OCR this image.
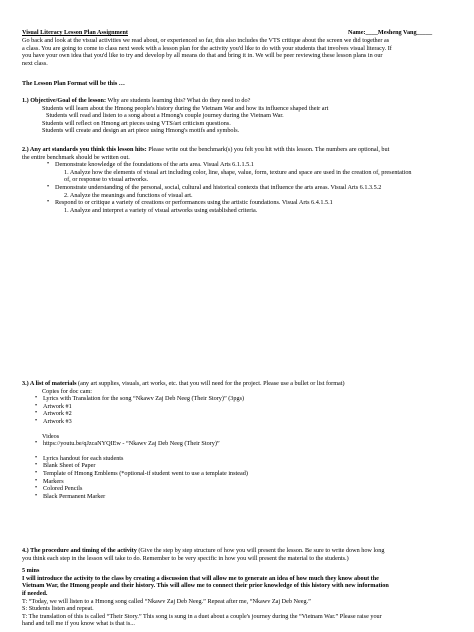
Visual Literacy Lesson Plan Assignment	Name:____Mesheng Vang_____
Go back and look at the visual activities we read about, or experienced so far, this also includes the VTS critique about the screen we did together as
a class. You are going to come to class next week with a lesson plan for the activity you'd like to do with your students that involves visual literacy. If
you have your own idea that you'd like to try and develop by all means do that and bring it in. We will be peer reviewing these lesson plans in our
next class.
The Lesson Plan Format will be this …
1.) Objective/Goal of the lesson: Why are students learning this? What do they need to do?
Students will learn about the Hmong people's history during the Vietnam War and how its influence shaped their art
Students will read and listen to a song about a Hmong's couple journey during the Vietnam War.
Students will reflect on Hmong art pieces using VTS/art criticism questions.
Students will create and design an art piece using Hmong's motifs and symbols.
2.) Any art standards you think this lesson hits: Please write out the benchmark(s) you felt you hit with this lesson. The numbers are optional, but
the entire benchmark should be written out.
• Demonstrate knowledge of the foundations of the arts area. Visual Arts 6.1.1.5.1
1. Analyze how the elements of visual art including color, line, shape, value, form, texture and space are used in the creation of, presentation
of, or response to visual artworks.
• Demonstrate understanding of the personal, social, cultural and historical contexts that influence the arts areas. Visual Arts 6.1.3.5.2
2. Analyze the meanings and functions of visual art.
• Respond to or critique a variety of creations or performances using the artistic foundations. Visual Arts 6.4.1.5.1
1. Analyze and interpret a variety of visual artworks using established criteria.
3.) A list of materials (any art supplies, visuals, art works, etc. that you will need for the project. Please use a bullet or list format)
Copies for doc cam:
• Lyrics with Translation for the song “Nkawv Zaj Deb Neeg (Their Story)” (3pgs)
• Artwork #1
• Artwork #2
• Artwork #3
Videos
• https://youtu.be/qJzcaNYQIEw - “Nkawv Zaj Deb Neeg (Their Story)”
• Lyrics handout for each students
• Blank Sheet of Paper
• Template of Hmong Emblems (*optional-if student went to use a template instead)
• Markers
• Colored Pencils
• Black Permanent Marker
4.) The procedure and timing of the activity (Give the step by step structure of how you will present the lesson. Be sure to write down how long
you think each step in the lesson will take to do. Remember to be very specific in how you will present the material to the students.)
5 mins
I will introduce the activity to the class by creating a discussion that will allow me to generate an idea of how much they know about the
Vietnam War, the Hmong people and their history. This will allow me to connect their prior knowledge of this history with new information
if needed.
T: “Today, we will listen to a Hmong song called “Nkawv Zaj Deb Neeg.” Repeat after me, “Nkawv Zaj Deb Neeg.”
S: Students listen and repeat.
T: The translation of this is called “Their Story.” This song is sung in a duet about a couple's journey during the “Vietnam War.” Please raise your
hand and tell me if you know what is that is...
